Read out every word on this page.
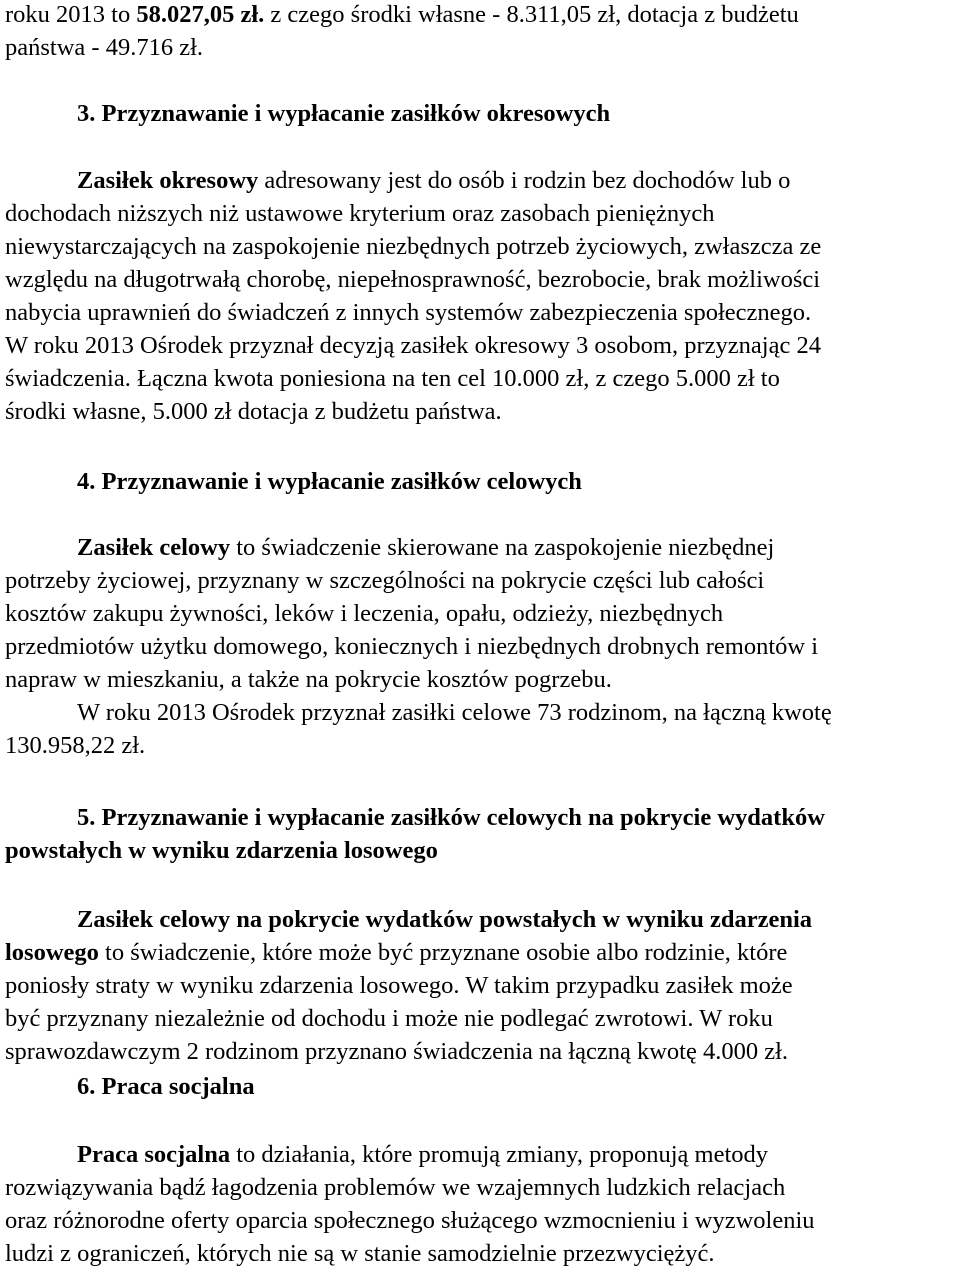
roku 2013 to 58.027,05 zł. z czego środki własne - 8.311,05 zł, dotacja z budżetu
państwa - 49.716 zł.
3. Przyznawanie i wypłacanie zasiłków okresowych
Zasiłek okresowy adresowany jest do osób i rodzin bez dochodów lub o
dochodach niższych niż ustawowe kryterium oraz zasobach pieniężnych
niewystarczających na zaspokojenie niezbędnych potrzeb życiowych, zwłaszcza ze
względu na długotrwałą chorobę, niepełnosprawność, bezrobocie, brak możliwości
nabycia uprawnień do świadczeń z innych systemów zabezpieczenia społecznego.
W roku 2013 Ośrodek przyznał decyzją zasiłek okresowy 3 osobom, przyznając 24
świadczenia. Łączna kwota poniesiona na ten cel 10.000 zł, z czego 5.000 zł to
środki własne, 5.000 zł dotacja z budżetu państwa.
4. Przyznawanie i wypłacanie zasiłków celowych
Zasiłek celowy to świadczenie skierowane na zaspokojenie niezbędnej
potrzeby życiowej, przyznany w szczególności na pokrycie części lub całości
kosztów zakupu żywności, leków i leczenia, opału, odzieży, niezbędnych
przedmiotów użytku domowego, koniecznych i niezbędnych drobnych remontów i
napraw w mieszkaniu, a także na pokrycie kosztów pogrzebu.
W roku 2013 Ośrodek przyznał zasiłki celowe 73 rodzinom, na łączną kwotę
130.958,22 zł.
5. Przyznawanie i wypłacanie zasiłków celowych na pokrycie wydatków
powstałych w wyniku zdarzenia losowego
Zasiłek celowy na pokrycie wydatków powstałych w wyniku zdarzenia
losowego to świadczenie, które może być przyznane osobie albo rodzinie, które
poniosły straty w wyniku zdarzenia losowego. W takim przypadku zasiłek może
być przyznany niezależnie od dochodu i może nie podlegać zwrotowi. W roku
sprawozdawczym 2 rodzinom przyznano świadczenia na łączną kwotę 4.000 zł.
6. Praca socjalna
Praca socjalna to działania, które promują zmiany, proponują metody
rozwiązywania bądź łagodzenia problemów we wzajemnych ludzkich relacjach
oraz różnorodne oferty oparcia społecznego służącego wzmocnieniu i wyzwoleniu
ludzi z ograniczeń, których nie są w stanie samodzielnie przezwyciężyć.
